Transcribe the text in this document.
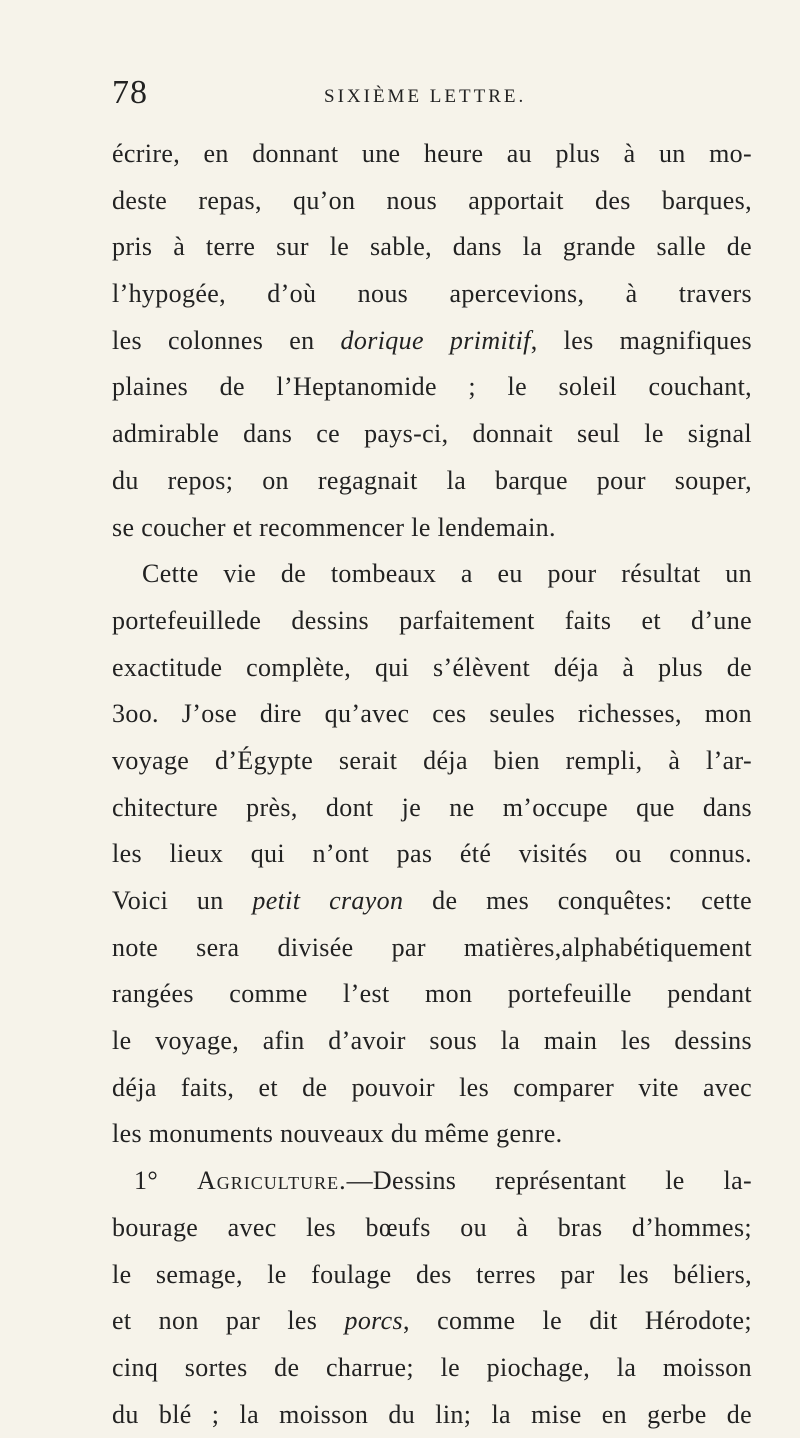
78	SIXIÈME LETTRE.
écrire, en donnant une heure au plus à un mo-
deste repas, qu’on nous apportait des barques,
pris à terre sur le sable, dans la grande salle de
l’hypogée, d’où nous apercevions, à travers
les colonnes en dorique primitif, les magnifiques
plaines de l’Heptanomide ; le soleil couchant,
admirable dans ce pays-ci, donnait seul le signal
du repos; on regagnait la barque pour souper,
se coucher et recommencer le lendemain.
Cette vie de tombeaux a eu pour résultat un
portefeuillede dessins parfaitement faits et d’une
exactitude complète, qui s’élèvent déja à plus de
3oo. J’ose dire qu’avec ces seules richesses, mon
voyage d’Égypte serait déja bien rempli, à l’ar-
chitecture près, dont je ne m’occupe que dans
les lieux qui n’ont pas été visités ou connus.
Voici un petit crayon de mes conquêtes: cette
note sera divisée par matières,alphabétiquement
rangées comme l’est mon portefeuille pendant
le voyage, afin d’avoir sous la main les dessins
déja faits, et de pouvoir les comparer vite avec
les monuments nouveaux du même genre.
1° Agriculture.—Dessins représentant le la-
bourage avec les bœufs ou à bras d’hommes;
le semage, le foulage des terres par les béliers,
et non par les porcs, comme le dit Hérodote;
cinq sortes de charrue; le piochage, la moisson
du blé ; la moisson du lin; la mise en gerbe de
